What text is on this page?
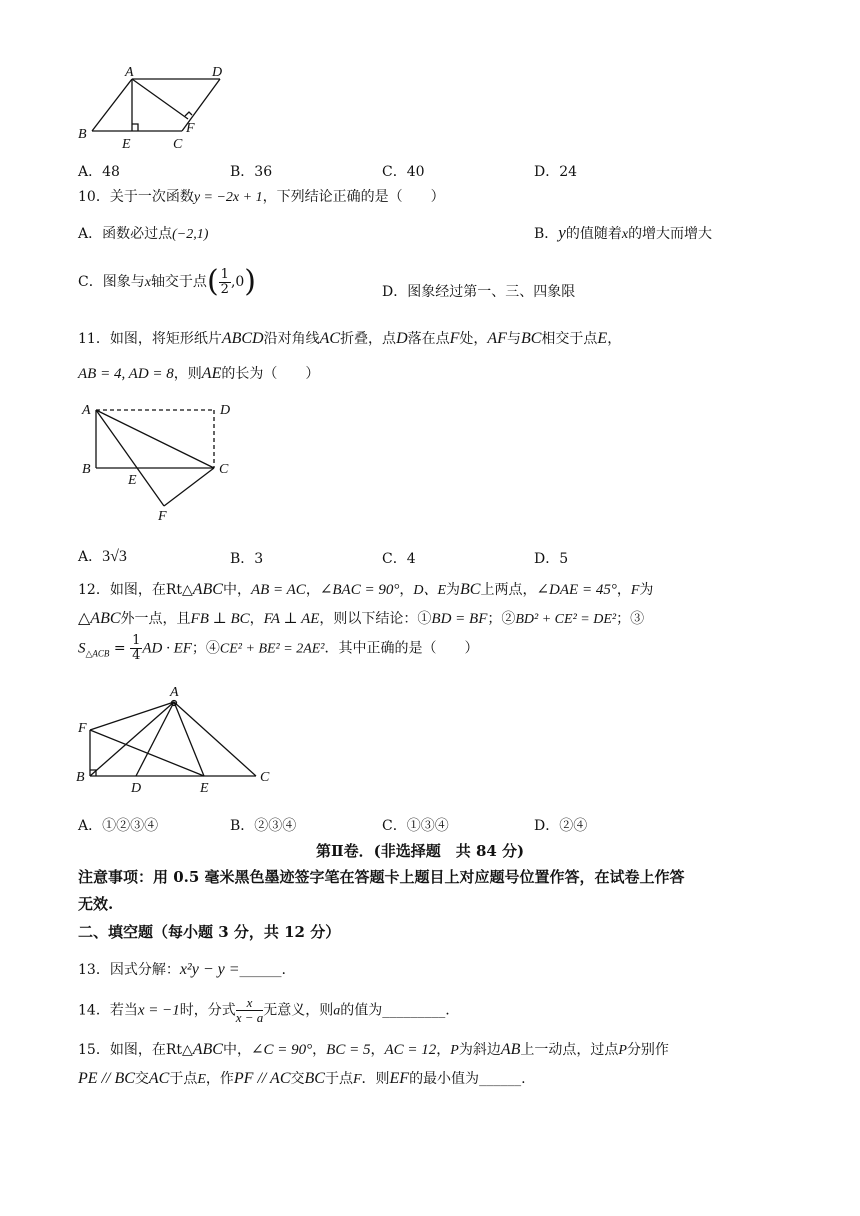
A	D
B
E
F
C
A．48	B．36	C．40	D．24
10．关于一次函数y = −2x + 1，下列结论正确的是（　　）
A．函数必过点(−2,1)	B．y的值随着x的增大而增大
C．图象与x轴交于点( $\frac{1}{2} ,0$)	D．图象经过第一、三、四象限
11．如图，将矩形纸片ABCD沿对角线AC折叠，点D落在点F处，AF与BC相交于点E，
AB = 4, AD = 8，则AE的长为（　　）
A	D
B	C
E
F
A．3√3	B．3	C．4	D．5
12．如图，在Rt△ABC中，AB = AC，∠BAC = 90°，D、E为BC上两点，∠DAE = 45°，F为
△ABC外一点，且FB ⊥ BC，FA ⊥ AE，则以下结论：①BD = BF；②BD² + CE² = DE²；③
$S_{\triangle ACB} = \frac{1}{4}$ AD · EF；④CE² + BE² = 2AE²．其中正确的是（　　）
A
F
B
D	E
C
A．①②③④	B．②③④	C．①③④	D．②④
第Ⅱ卷．(非选择题　共 84 分)
注意事项：用 0.5 毫米黑色墨迹签字笔在答题卡上题目上对应题号位置作答，在试卷上作答
无效.
二、填空题（每小题 3 分，共 12 分）
13．因式分解：x²y − y =______.
14．若当x = −1时，分式 $\frac{x}{x - a}$ 无意义，则a的值为_________.
15．如图，在Rt△ABC中，∠C = 90°，BC = 5，AC = 12，P为斜边AB上一动点，过点P分别作
PE // BC交AC于点E，作PF // AC交BC于点F．则EF的最小值为______.
